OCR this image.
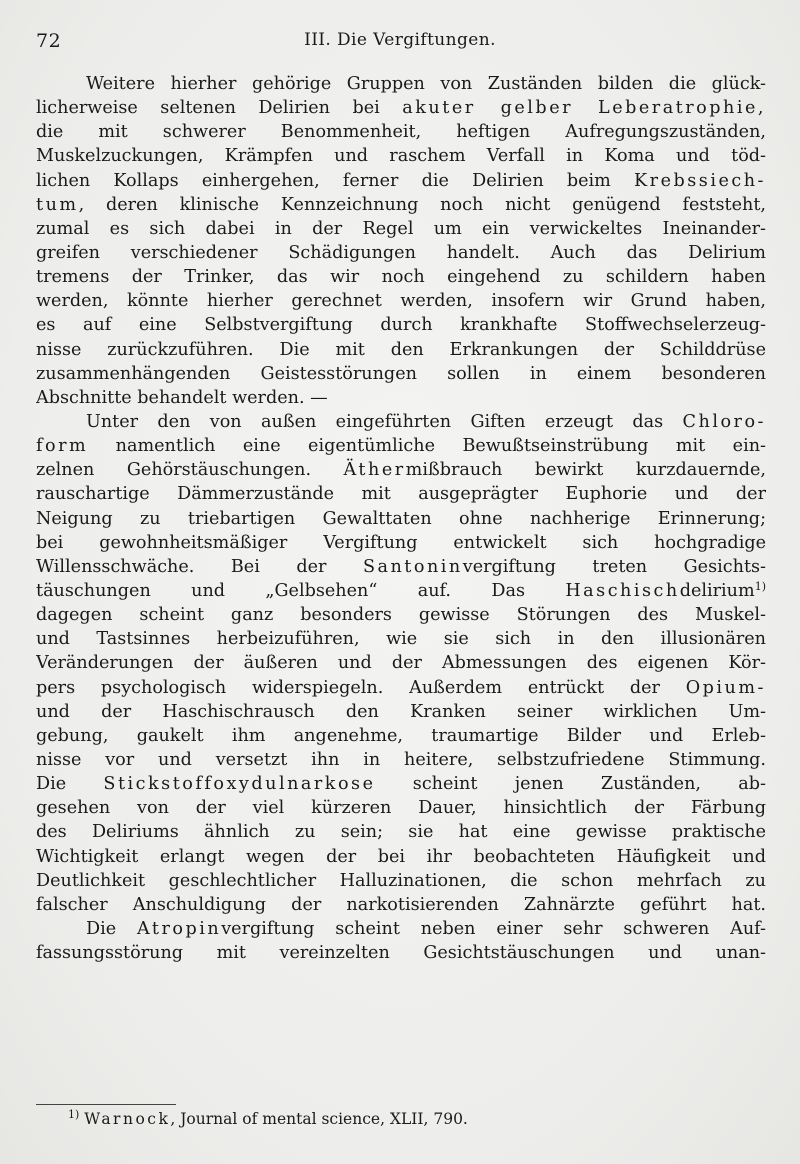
72	III. Die Vergiftungen.
Weitere hierher gehörige Gruppen von Zuständen bilden die glück-
licherweise seltenen Delirien bei akuter gelber Leberatrophie,
die mit schwerer Benommenheit, heftigen Aufregungszuständen,
Muskelzuckungen, Krämpfen und raschem Verfall in Koma und töd-
lichen Kollaps einhergehen, ferner die Delirien beim Krebssiech-
tum, deren klinische Kennzeichnung noch nicht genügend feststeht,
zumal es sich dabei in der Regel um ein verwickeltes Ineinander-
greifen verschiedener Schädigungen handelt. Auch das Delirium
tremens der Trinker, das wir noch eingehend zu schildern haben
werden, könnte hierher gerechnet werden, insofern wir Grund haben,
es auf eine Selbstvergiftung durch krankhafte Stoffwechselerzeug-
nisse zurückzuführen. Die mit den Erkrankungen der Schilddrüse
zusammenhängenden Geistesstörungen sollen in einem besonderen
Abschnitte behandelt werden. —
Unter den von außen eingeführten Giften erzeugt das Chloro-
form namentlich eine eigentümliche Bewußtseinstrübung mit ein-
zelnen Gehörstäuschungen. Äthermißbrauch bewirkt kurzdauernde,
rauschartige Dämmerzustände mit ausgeprägter Euphorie und der
Neigung zu triebartigen Gewalttaten ohne nachherige Erinnerung;
bei gewohnheitsmäßiger Vergiftung entwickelt sich hochgradige
Willensschwäche. Bei der Santoninvergiftung treten Gesichts-
täuschungen und „Gelbsehen“ auf. Das Haschischdelirium$^{1)}$
dagegen scheint ganz besonders gewisse Störungen des Muskel-
und Tastsinnes herbeizuführen, wie sie sich in den illusionären
Veränderungen der äußeren und der Abmessungen des eigenen Kör-
pers psychologisch widerspiegeln. Außerdem entrückt der Opium-
und der Haschischrausch den Kranken seiner wirklichen Um-
gebung, gaukelt ihm angenehme, traumartige Bilder und Erleb-
nisse vor und versetzt ihn in heitere, selbstzufriedene Stimmung.
Die Stickstoffoxydulnarkose scheint jenen Zuständen, ab-
gesehen von der viel kürzeren Dauer, hinsichtlich der Färbung
des Deliriums ähnlich zu sein; sie hat eine gewisse praktische
Wichtigkeit erlangt wegen der bei ihr beobachteten Häufigkeit und
Deutlichkeit geschlechtlicher Halluzinationen, die schon mehrfach zu
falscher Anschuldigung der narkotisierenden Zahnärzte geführt hat.
Die Atropinvergiftung scheint neben einer sehr schweren Auf-
fassungsstörung mit vereinzelten Gesichtstäuschungen und unan-
$^{1)}$ Warnock, Journal of mental science, XLII, 790.
